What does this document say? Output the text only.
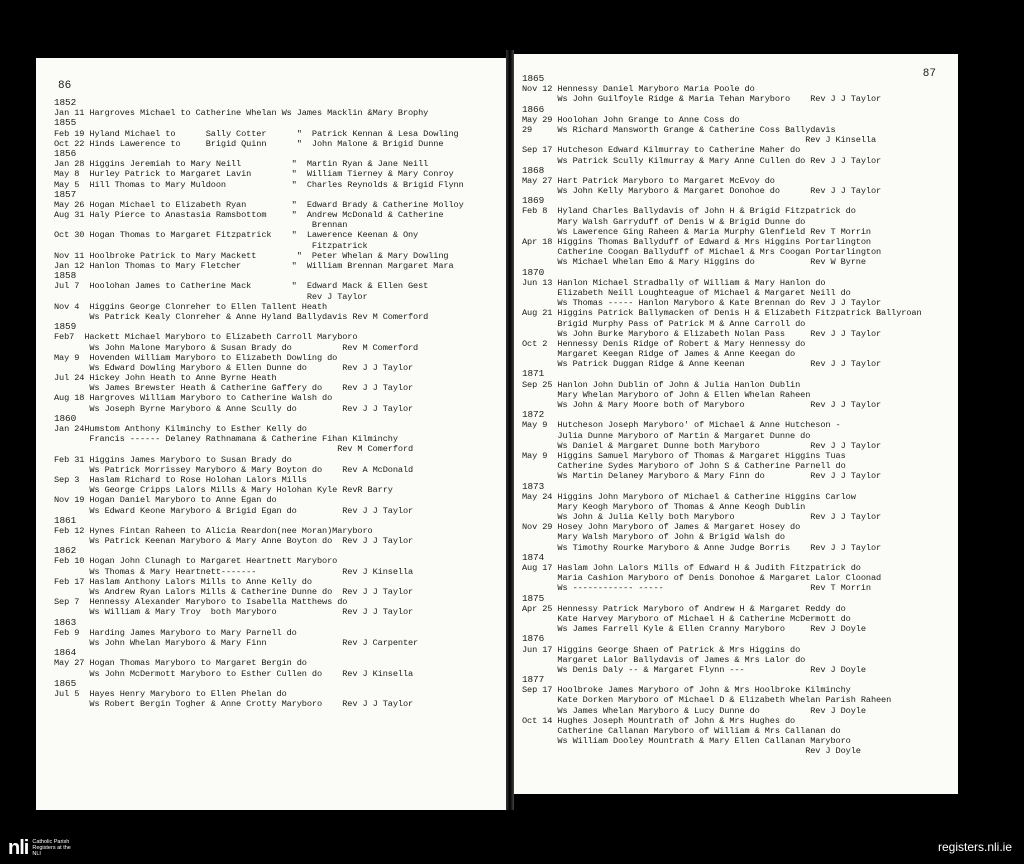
86
1852
Jan 11 Hargroves Michael to Catherine Whelan Ws James Macklin &Mary Brophy
1855
Feb 19 Hyland Michael to      Sally Cotter      "  Patrick Kennan & Lesa Dowling
Oct 22 Hinds Lawerence to     Brigid Quinn      "  John Malone & Brigid Dunne
1856
Jan 28 Higgins Jeremiah to Mary Neill          "  Martin Ryan & Jane Neill
May 8  Hurley Patrick to Margaret Lavin        "  William Tierney & Mary Conroy
May 5  Hill Thomas to Mary Muldoon             "  Charles Reynolds & Brigid Flynn
1857
May 26 Hogan Michael to Elizabeth Ryan         "  Edward Brady & Catherine Molloy
Aug 31 Haly Pierce to Anastasia Ramsbottom     "  Andrew McDonald & Catherine
Brennan
Oct 30 Hogan Thomas to Margaret Fitzpatrick    "  Lawerence Keenan & Ony
Fitzpatrick
Nov 11 Hoolbroke Patrick to Mary Mackett        "  Peter Whelan & Mary Dowling
Jan 12 Hanlon Thomas to Mary Fletcher          "  William Brennan Margaret Mara
1858
Jul 7  Hoolohan James to Catherine Mack        "  Edward Mack & Ellen Gest
Rev J Taylor
Nov 4  Higgins George Clonreher to Ellen Tallent Heath
Ws Patrick Kealy Clonreher & Anne Hyland Ballydavis Rev M Comerford
1859
Feb7  Hackett Michael Maryboro to Elizabeth Carroll Maryboro
Ws John Malone Maryboro & Susan Brady do          Rev M Comerford
May 9  Hovenden William Maryboro to Elizabeth Dowling do
Ws Edward Dowling Maryboro & Ellen Dunne do       Rev J J Taylor
Jul 24 Hickey John Heath to Anne Byrne Heath
Ws James Brewster Heath & Catherine Gaffery do    Rev J J Taylor
Aug 18 Hargroves William Maryboro to Catherine Walsh do
Ws Joseph Byrne Maryboro & Anne Scully do         Rev J J Taylor
1860
Jan 24Humstom Anthony Kilminchy to Esther Kelly do
Francis ------ Delaney Rathnamana & Catherine Fihan Kilminchy
Rev M Comerford
Feb 31 Higgins James Maryboro to Susan Brady do
Ws Patrick Morrissey Maryboro & Mary Boyton do    Rev A McDonald
Sep 3  Haslam Richard to Rose Holohan Lalors Mills
Ws George Cripps Lalors Mills & Mary Holohan Kyle RevR Barry
Nov 19 Hogan Daniel Maryboro to Anne Egan do
Ws Edward Keone Maryboro & Brigid Egan do         Rev J J Taylor
1861
Feb 12 Hynes Fintan Raheen to Alicia Reardon(nee Moran)Maryboro
Ws Patrick Keenan Maryboro & Mary Anne Boyton do  Rev J J Taylor
1862
Feb 10 Hogan John Clunagh to Margaret Heartnett Maryboro
Ws Thomas & Mary Heartnett-------                 Rev J Kinsella
Feb 17 Haslam Anthony Lalors Mills to Anne Kelly do
Ws Andrew Ryan Lalors Mills & Catherine Dunne do  Rev J J Taylor
Sep 7  Hennessy Alexander Maryboro to Isabella Matthews do
Ws William & Mary Troy  both Maryboro             Rev J J Taylor
1863
Feb 9  Harding James Maryboro to Mary Parnell do
Ws John Whelan Maryboro & Mary Finn               Rev J Carpenter
1864
May 27 Hogan Thomas Maryboro to Margaret Bergin do
Ws John McDermott Maryboro to Esther Cullen do    Rev J Kinsella
1865
Jul 5  Hayes Henry Maryboro to Ellen Phelan do
Ws Robert Bergin Togher & Anne Crotty Maryboro    Rev J J Taylor
87
1865
Nov 12 Hennessy Daniel Maryboro Maria Poole do
Ws John Guilfoyle Ridge & Maria Tehan Maryboro    Rev J J Taylor
1866
May 29 Hoolohan John Grange to Anne Coss do
29     Ws Richard Mansworth Grange & Catherine Coss Ballydavis
Rev J Kinsella
Sep 17 Hutcheson Edward Kilmurray to Catherine Maher do
Ws Patrick Scully Kilmurray & Mary Anne Cullen do Rev J J Taylor
1868
May 27 Hart Patrick Maryboro to Margaret McEvoy do
Ws John Kelly Maryboro & Margaret Donohoe do      Rev J J Taylor
1869
Feb 8  Hyland Charles Ballydavis of John H & Brigid Fitzpatrick do
Mary Walsh Garryduff of Denis W & Brigid Dunne do
Ws Lawerence Ging Raheen & Maria Murphy Glenfield Rev T Morrin
Apr 18 Higgins Thomas Ballyduff of Edward & Mrs Higgins Portarlington
Catherine Coogan Ballyduff of Michael & Mrs Coogan Portarlington
Ws Michael Whelan Emo & Mary Higgins do           Rev W Byrne
1870
Jun 13 Hanlon Michael Stradbally of William & Mary Hanlon do
Elizabeth Neill Loughteague of Michael & Margaret Neill do
Ws Thomas ----- Hanlon Maryboro & Kate Brennan do Rev J J Taylor
Aug 21 Higgins Patrick Ballymacken of Denis H & Elizabeth Fitzpatrick Ballyroan
Brigid Murphy Pass of Patrick M & Anne Carroll do
Ws John Burke Maryboro & Elizabeth Nolan Pass     Rev J J Taylor
Oct 2  Hennessy Denis Ridge of Robert & Mary Hennessy do
Margaret Keegan Ridge of James & Anne Keegan do
Ws Patrick Duggan Ridge & Anne Keenan             Rev J J Taylor
1871
Sep 25 Hanlon John Dublin of John & Julia Hanlon Dublin
Mary Whelan Maryboro of John & Ellen Whelan Raheen
Ws John & Mary Moore both of Maryboro             Rev J J Taylor
1872
May 9  Hutcheson Joseph Maryboro' of Michael & Anne Hutcheson -
Julia Dunne Maryboro of Martin & Margaret Dunne do
Ws Daniel & Margaret Dunne both Maryboro          Rev J J Taylor
May 9  Higgins Samuel Maryboro of Thomas & Margaret Higgins Tuas
Catherine Sydes Maryboro of John S & Catherine Parnell do
Ws Martin Delaney Maryboro & Mary Finn do         Rev J J Taylor
1873
May 24 Higgins John Maryboro of Michael & Catherine Higgins Carlow
Mary Keogh Maryboro of Thomas & Anne Keogh Dublin
Ws John & Julia Kelly both Maryboro               Rev J J Taylor
Nov 29 Hosey John Maryboro of James & Margaret Hosey do
Mary Walsh Maryboro of John & Brigid Walsh do
Ws Timothy Rourke Maryboro & Anne Judge Borris    Rev J J Taylor
1874
Aug 17 Haslam John Lalors Mills of Edward H & Judith Fitzpatrick do
Maria Cashion Maryboro of Denis Donohoe & Margaret Lalor Cloonad
Ws ------------ -----                             Rev T Morrin
1875
Apr 25 Hennessy Patrick Maryboro of Andrew H & Margaret Reddy do
Kate Harvey Maryboro of Michael H & Catherine McDermott do
Ws James Farrell Kyle & Ellen Cranny Maryboro     Rev J Doyle
1876
Jun 17 Higgins George Shaen of Patrick & Mrs Higgins do
Margaret Lalor Ballydavis of James & Mrs Lalor do
Ws Denis Daly -- & Margaret Flynn ---             Rev J Doyle
1877
Sep 17 Hoolbroke James Maryboro of John & Mrs Hoolbroke Kilminchy
Kate Dorken Maryboro of Michael D & Elizabeth Whelan Parish Raheen
Ws James Whelan Maryboro & Lucy Dunne do          Rev J Doyle
Oct 14 Hughes Joseph Mountrath of John & Mrs Hughes do
Catherine Callanan Maryboro of William & Mrs Callanan do
Ws William Dooley Mountrath & Mary Ellen Callanan Maryboro
Rev J Doyle
nli Catholic Parish Registers at the NLI	registers.nli.ie
